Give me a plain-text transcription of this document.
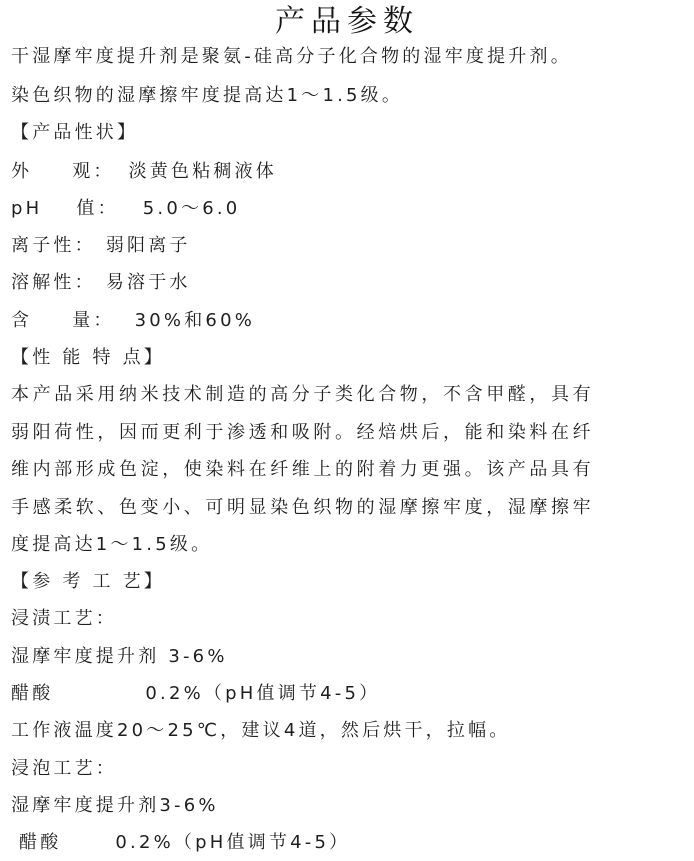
产品参数
干湿摩牢度提升剂是聚氨-硅高分子化合物的湿牢度提升剂。
染色织物的湿摩擦牢度提高达1～1.5级。
【产品性状】
外 观： 淡黄色粘稠液体
pH 值： 5.0～6.0
离子性： 弱阳离子
溶解性： 易溶于水
含 量： 30%和60%
【性 能 特 点】
本产品采用纳米技术制造的高分子类化合物，不含甲醛，具有
弱阳荷性，因而更利于渗透和吸附。经焙烘后，能和染料在纤
维内部形成色淀，使染料在纤维上的附着力更强。该产品具有
手感柔软、色变小、可明显染色织物的湿摩擦牢度，湿摩擦牢
度提高达1～1.5级。
【参 考 工 艺】
浸渍工艺：
湿摩牢度提升剂 3-6%
醋酸	0.2%（pH值调节4-5）
工作液温度20～25℃，建议4道，然后烘干，拉幅。
浸泡工艺：
湿摩牢度提升剂3-6%
醋酸	0.2%（pH值调节4-5）
